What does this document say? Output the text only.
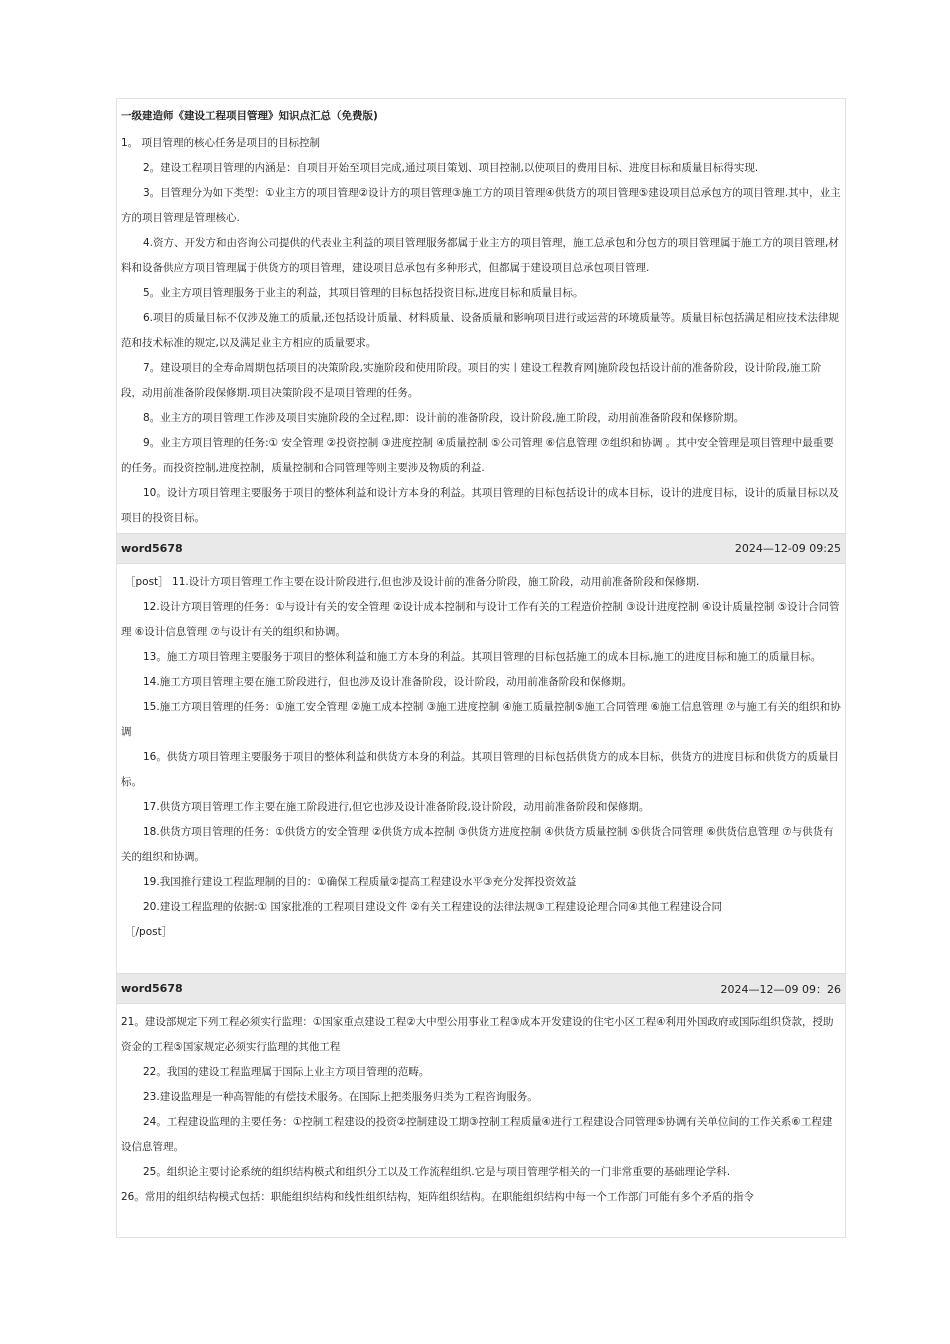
一级建造师《建设工程项目管理》知识点汇总（免费版)

1。 项目管理的核心任务是项目的目标控制

2。建设工程项目管理的内涵是：自项目开始至项目完成,通过项目策划、项目控制,以使项目的费用目标、进度目标和质量目标得实现.

3。目管理分为如下类型：①业主方的项目管理②设计方的项目管理③施工方的项目管理④供货方的项目管理⑤建设项目总承包方的项目管理.其中，业主方的项目管理是管理核心.

4.资方、开发方和由咨询公司提供的代表业主利益的项目管理服务都属于业主方的项目管理，施工总承包和分包方的项目管理属于施工方的项目管理,材料和设备供应方项目管理属于供货方的项目管理，建设项目总承包有多种形式，但都属于建设项目总承包项目管理.

5。业主方项目管理服务于业主的利益，其项目管理的目标包括投资目标,进度目标和质量目标。

6.项目的质量目标不仅涉及施工的质量,还包括设计质量、材料质量、设备质量和影响项目进行或运营的环境质量等。质量目标包括满足相应技术法律规范和技术标准的规定,以及满足业主方相应的质量要求。

7。建设项目的全寿命周期包括项目的决策阶段,实施阶段和使用阶段。项目的实丨建设工程教育网|施阶段包括设计前的准备阶段，设计阶段,施工阶段，动用前准备阶段保修期.项目决策阶段不是项目管理的任务。

8。业主方的项目管理工作涉及项目实施阶段的全过程,即：设计前的准备阶段，设计阶段,施工阶段，动用前准备阶段和保修阶期。

9。业主方项目管理的任务:① 安全管理 ②投资控制 ③进度控制 ④质量控制 ⑤公司管理 ⑥信息管理 ⑦组织和协调 。其中安全管理是项目管理中最重要的任务。而投资控制,进度控制，质量控制和合同管理等则主要涉及物质的利益.

10。设计方项目管理主要服务于项目的整体利益和设计方本身的利益。其项目管理的目标包括设计的成本目标，设计的进度目标，设计的质量目标以及项目的投资目标。

word5678	2024—12-09 09:25

［post］ 11.设计方项目管理工作主要在设计阶段进行,但也涉及设计前的准备分阶段，施工阶段，动用前准备阶段和保修期.

12.设计方项目管理的任务：①与设计有关的安全管理 ②设计成本控制和与设计工作有关的工程造价控制 ③设计进度控制 ④设计质量控制 ⑤设计合同管理 ⑥设计信息管理 ⑦与设计有关的组织和协调。

13。施工方项目管理主要服务于项目的整体利益和施工方本身的利益。其项目管理的目标包括施工的成本目标,施工的进度目标和施工的质量目标。

14.施工方项目管理主要在施工阶段进行，但也涉及设计准备阶段，设计阶段，动用前准备阶段和保修期。

15.施工方项目管理的任务：①施工安全管理 ②施工成本控制 ③施工进度控制 ④施工质量控制⑤施工合同管理 ⑥施工信息管理 ⑦与施工有关的组织和协调

16。供货方项目管理主要服务于项目的整体利益和供货方本身的利益。其项目管理的目标包括供货方的成本目标，供货方的进度目标和供货方的质量目标。

17.供货方项目管理工作主要在施工阶段进行,但它也涉及设计准备阶段,设计阶段，动用前准备阶段和保修期。

18.供货方项目管理的任务：①供货方的安全管理 ②供货方成本控制 ③供货方进度控制 ④供货方质量控制 ⑤供货合同管理 ⑥供货信息管理 ⑦与供货有关的组织和协调。

19.我国推行建设工程监理制的目的：①确保工程质量②提高工程建设水平③充分发挥投资效益

20.建设工程监理的依据:① 国家批准的工程项目建设文件 ②有关工程建设的法律法规③工程建设论理合同④其他工程建设合同

［/post］

word5678	2024—12—09 09：26

21。建设部规定下列工程必须实行监理：①国家重点建设工程②大中型公用事业工程③成本开发建设的住宅小区工程④利用外国政府或国际组织贷款，授助资金的工程⑤国家规定必须实行监理的其他工程

22。我国的建设工程监理属于国际上业主方项目管理的范畴。

23.建设监理是一种高智能的有偿技术服务。在国际上把类服务归类为工程咨询服务。

24。工程建设监理的主要任务：①控制工程建设的投资②控制建设工期③控制工程质量④进行工程建设合同管理⑤协调有关单位间的工作关系⑥工程建设信息管理。

25。组织论主要讨论系统的组织结构模式和组织分工以及工作流程组织.它是与项目管理学相关的一门非常重要的基础理论学科.

26。常用的组织结构模式包括：职能组织结构和线性组织结构，矩阵组织结构。在职能组织结构中每一个工作部门可能有多个矛盾的指令
